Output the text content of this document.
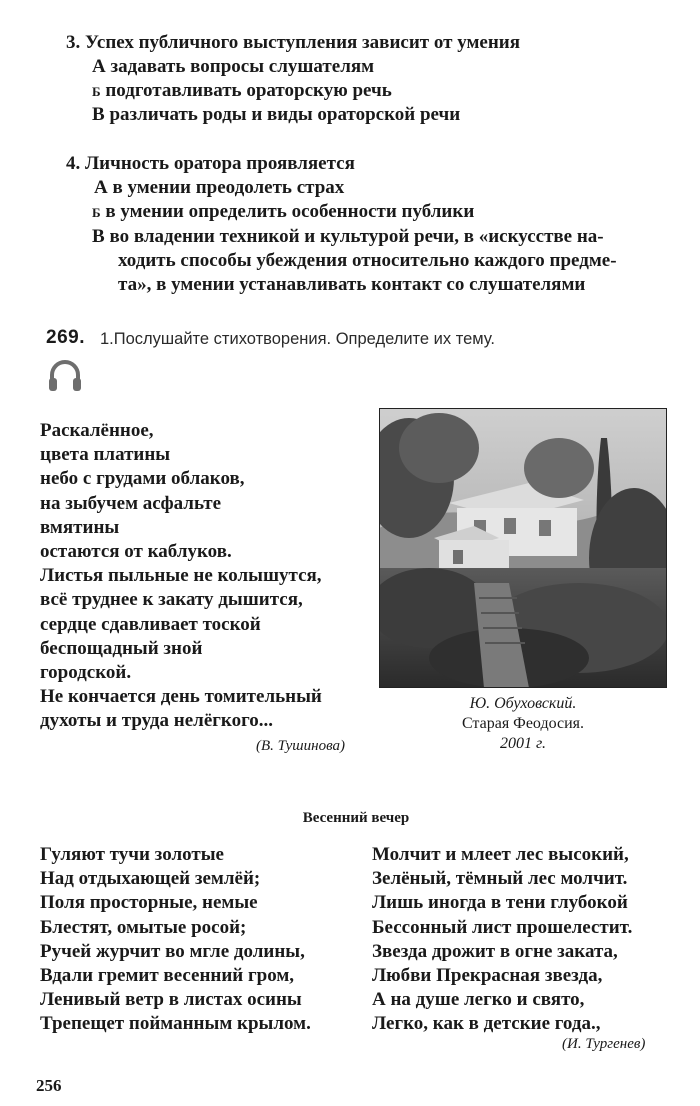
3. Успех публичного выступления зависит от умения
А задавать вопросы слушателям
Б подготавливать ораторскую речь
В различать роды и виды ораторской речи
4. Личность оратора проявляется
А в умении преодолеть страх
Б в умении определить особенности публики
В во владении техникой и культурой речи, в «искусстве на-
ходить способы убеждения относительно каждого предме-
та», в умении устанавливать контакт со слушателями
269. 1.Послушайте стихотворения. Определите их тему.
Раскалённое,
цвета платины
небо с грудами облаков,
на зыбучем асфальте
вмятины
остаются от каблуков.
Листья пыльные не колышутся,
всё труднее к закату дышится,
сердце сдавливает тоской
беспощадный зной
городской.
Не кончается день томительный
духоты и труда нелёгкого...
(В. Тушинова)
Ю. Обуховский.
Старая Феодосия.
2001 г.
Весенний вечер
Гуляют тучи золотые
Над отдыхающей землёй;
Поля просторные, немые
Блестят, омытые росой;
Ручей журчит во мгле долины,
Вдали гремит весенний гром,
Ленивый ветр в листах осины
Трепещет пойманным крылом.
Молчит и млеет лес высокий,
Зелёный, тёмный лес молчит.
Лишь иногда в тени глубокой
Бессонный лист прошелестит.
Звезда дрожит в огне заката,
Любви Прекрасная звезда,
А на душе легко и свято,
Легко, как в детские года.,
(И. Тургенев)
256
